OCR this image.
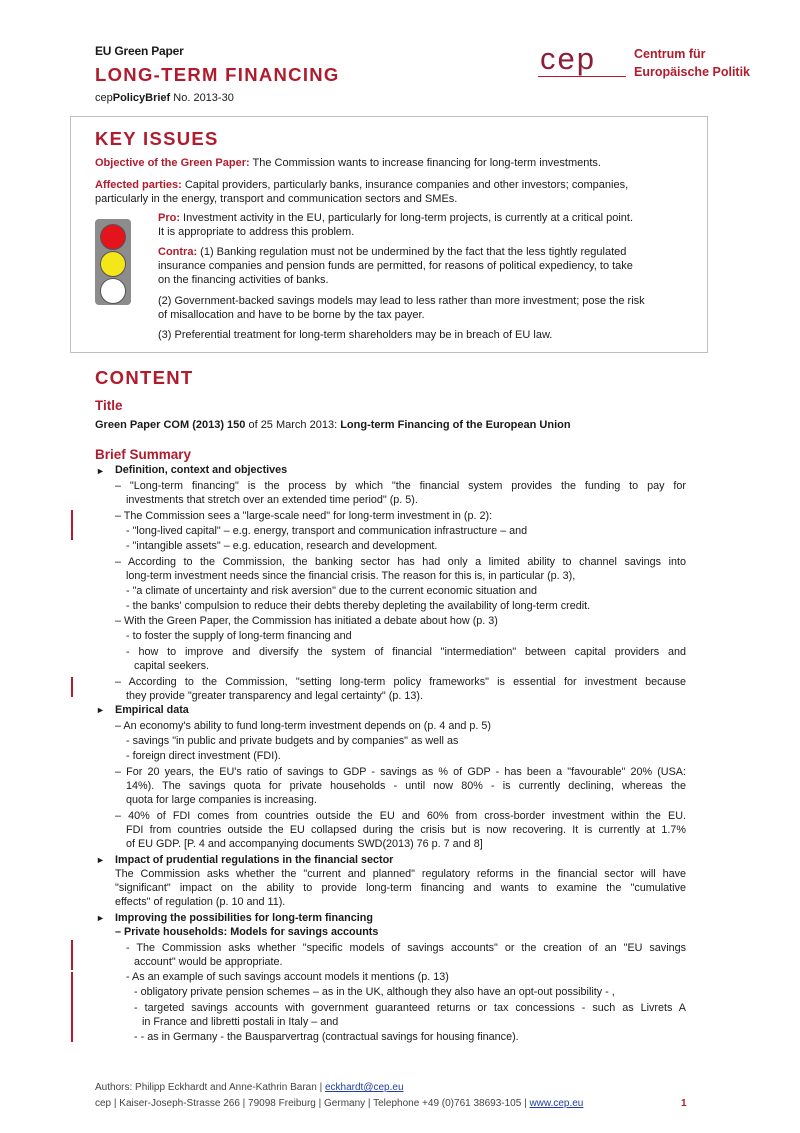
EU Green Paper
LONG-TERM FINANCING
cepPolicyBrief No. 2013-30
cep	Centrum für
Europäische Politik
KEY ISSUES
Objective of the Green Paper: The Commission wants to increase financing for long-term investments.
Affected parties: Capital providers, particularly banks, insurance companies and other investors; companies,
particularly in the energy, transport and communication sectors and SMEs.
Pro: Investment activity in the EU, particularly for long-term projects, is currently at a critical point.
It is appropriate to address this problem.
Contra: (1) Banking regulation must not be undermined by the fact that the less tightly regulated
insurance companies and pension funds are permitted, for reasons of political expediency, to take
on the financing activities of banks.
(2) Government-backed savings models may lead to less rather than more investment; pose the risk
of misallocation and have to be borne by the tax payer.
(3) Preferential treatment for long-term shareholders may be in breach of EU law.
CONTENT
Title
Green Paper COM (2013) 150 of 25 March 2013: Long-term Financing of the European Union
Brief Summary
►
►
►
►
Definition, context and objectives
– "Long-term financing" is the process by which "the financial system provides the funding to pay for
investments that stretch over an extended time period" (p. 5).
– The Commission sees a "large-scale need" for long-term investment in (p. 2):
- "long-lived capital" – e.g. energy, transport and communication infrastructure – and
- "intangible assets" – e.g. education, research and development.
– According to the Commission, the banking sector has had only a limited ability to channel savings into
long-term investment needs since the financial crisis. The reason for this is, in particular (p. 3),
- "a climate of uncertainty and risk aversion" due to the current economic situation and
- the banks' compulsion to reduce their debts thereby depleting the availability of long-term credit.
– With the Green Paper, the Commission has initiated a debate about how (p. 3)
- to foster the supply of long-term financing and
- how to improve and diversify the system of financial "intermediation" between capital providers and
capital seekers.
– According to the Commission, "setting long-term policy frameworks" is essential for investment because
they provide "greater transparency and legal certainty" (p. 13).
Empirical data
– An economy's ability to fund long-term investment depends on (p. 4 and p. 5)
- savings "in public and private budgets and by companies" as well as
- foreign direct investment (FDI).
– For 20 years, the EU's ratio of savings to GDP - savings as % of GDP - has been a "favourable" 20% (USA:
14%). The savings quota for private households - until now 80% - is currently declining, whereas the
quota for large companies is increasing.
– 40% of FDI comes from countries outside the EU and 60% from cross-border investment within the EU.
FDI from countries outside the EU collapsed during the crisis but is now recovering. It is currently at 1.7%
of EU GDP. [P. 4 and accompanying documents SWD(2013) 76 p. 7 and 8]
Impact of prudential regulations in the financial sector
The Commission asks whether the "current and planned" regulatory reforms in the financial sector will have
"significant" impact on the ability to provide long-term financing and wants to examine the "cumulative
effects" of regulation (p. 10 and 11).
Improving the possibilities for long-term financing
– Private households: Models for savings accounts
- The Commission asks whether "specific models of savings accounts" or the creation of an "EU savings
account" would be appropriate.
- As an example of such savings account models it mentions (p. 13)
- obligatory private pension schemes – as in the UK, although they also have an opt-out possibility - ,
- targeted savings accounts with government guaranteed returns or tax concessions - such as Livrets A
in France and libretti postali in Italy – and
- - as in Germany - the Bausparvertrag (contractual savings for housing finance).
Authors: Philipp Eckhardt and Anne-Kathrin Baran | eckhardt@cep.eu
cep | Kaiser-Joseph-Strasse 266 | 79098 Freiburg | Germany | Telephone +49 (0)761 38693-105 | www.cep.eu	1
